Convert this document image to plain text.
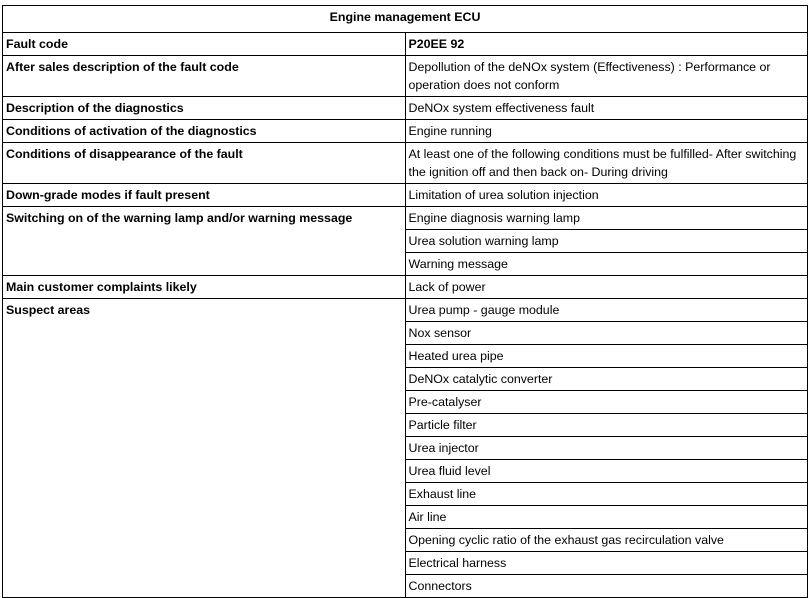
Engine management ECU	
Fault code	P20EE 92
After sales description of the fault code	Depollution of the deNOx system (Effectiveness) : Performance or operation does not conform
Description of the diagnostics	DeNOx system effectiveness fault
Conditions of activation of the diagnostics	Engine running
Conditions of disappearance of the fault	At least one of the following conditions must be fulfilled- After switching the ignition off and then back on- During driving
Down-grade modes if fault present	Limitation of urea solution injection
Switching on of the warning lamp and/or warning message	Engine diagnosis warning lamp
	Urea solution warning lamp
	Warning message
Main customer complaints likely	Lack of power
Suspect areas	Urea pump - gauge module
	Nox sensor
	Heated urea pipe
	DeNOx catalytic converter
	Pre-catalyser
	Particle filter
	Urea injector
	Urea fluid level
	Exhaust line
	Air line
	Opening cyclic ratio of the exhaust gas recirculation valve
	Electrical harness
	Connectors
